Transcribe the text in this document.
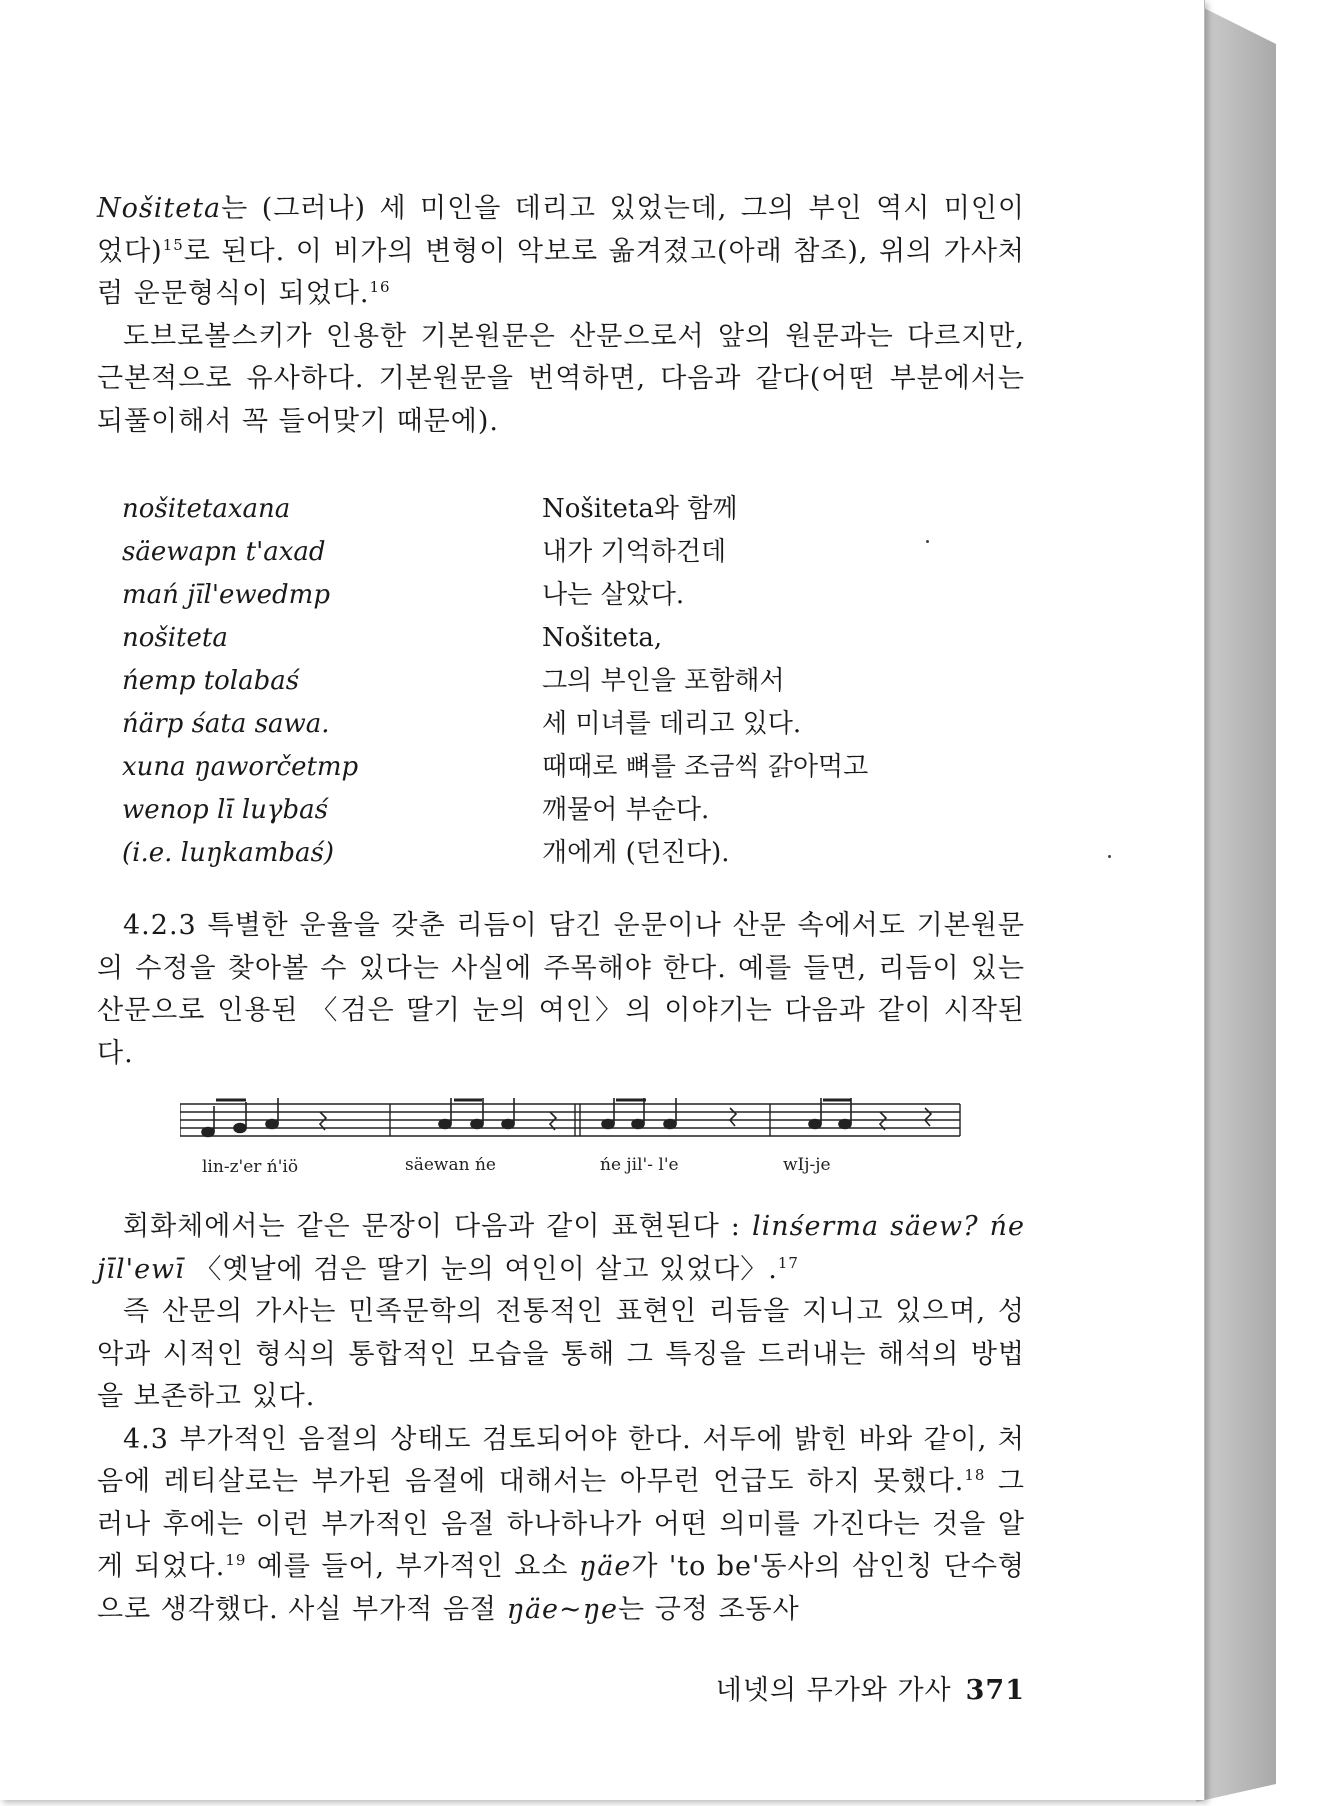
Nošiteta는 (그러나) 세 미인을 데리고 있었는데, 그의 부인 역시 미인이 었다)$^{15}$로 된다. 이 비가의 변형이 악보로 옮겨졌고(아래 참조), 위의 가사처럼 운문형식이 되었다.$^{16}$

도브로볼스키가 인용한 기본원문은 산문으로서 앞의 원문과는 다르지만, 근본적으로 유사하다. 기본원문을 번역하면, 다음과 같다(어떤 부분에서는 되풀이해서 꼭 들어맞기 때문에).

nošitetaxana	Nošiteta와 함께
säewapn t'axad	내가 기억하건데
mań jīl'ewedmp	나는 살았다.
nošiteta	Nošiteta,
ńemp tolabaś	그의 부인을 포함해서
ńärp śata sawa.	세 미녀를 데리고 있다.
xuna ŋaworčetmp	때때로 뼈를 조금씩 갉아먹고
wenop lī luγbaś	깨물어 부순다.
(i.e. luŋkambaś)	개에게 (던진다).

4.2.3 특별한 운율을 갖춘 리듬이 담긴 운문이나 산문 속에서도 기본원문의 수정을 찾아볼 수 있다는 사실에 주목해야 한다. 예를 들면, 리듬이 있는 산문으로 인용된 〈검은 딸기 눈의 여인〉의 이야기는 다음과 같이 시작된다.

lin-z'er ń'iö	säewan ńe	ńe jil'- l'e	wIj-je

회화체에서는 같은 문장이 다음과 같이 표현된다 : linśerma säew? ńe jīl'ewī 〈옛날에 검은 딸기 눈의 여인이 살고 있었다〉.$^{17}$

즉 산문의 가사는 민족문학의 전통적인 표현인 리듬을 지니고 있으며, 성악과 시적인 형식의 통합적인 모습을 통해 그 특징을 드러내는 해석의 방법을 보존하고 있다.

4.3 부가적인 음절의 상태도 검토되어야 한다. 서두에 밝힌 바와 같이, 처음에 레티살로는 부가된 음절에 대해서는 아무런 언급도 하지 못했다.$^{18}$ 그러나 후에는 이런 부가적인 음절 하나하나가 어떤 의미를 가진다는 것을 알게 되었다.$^{19}$ 예를 들어, 부가적인 요소 ŋäe가 'to be'동사의 삼인칭 단수형으로 생각했다. 사실 부가적 음절 ŋäe~ŋe는 긍정 조동사

네넷의 무가와 가사 371
